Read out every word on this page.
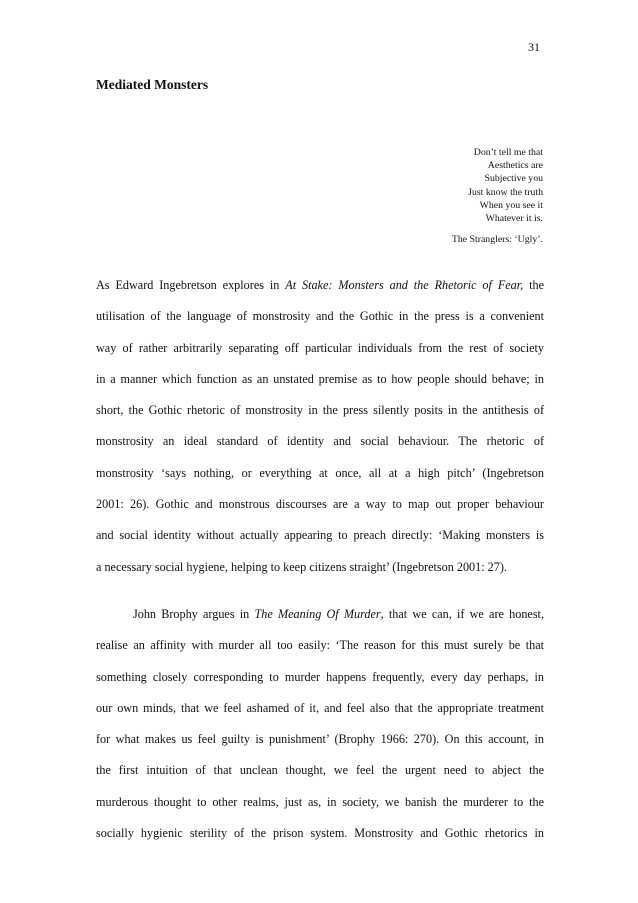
31
Mediated Monsters
Don’t tell me that
Aesthetics are
Subjective you
Just know the truth
When you see it
Whatever it is.
The Stranglers: ‘Ugly’.
As Edward Ingebretson explores in At Stake: Monsters and the Rhetoric of Fear, the
utilisation of the language of monstrosity and the Gothic in the press is a convenient
way of rather arbitrarily separating off particular individuals from the rest of society
in a manner which function as an unstated premise as to how people should behave; in
short, the Gothic rhetoric of monstrosity in the press silently posits in the antithesis of
monstrosity an ideal standard of identity and social behaviour. The rhetoric of
monstrosity ‘says nothing, or everything at once, all at a high pitch’ (Ingebretson
2001: 26). Gothic and monstrous discourses are a way to map out proper behaviour
and social identity without actually appearing to preach directly: ‘Making monsters is
a necessary social hygiene, helping to keep citizens straight’ (Ingebretson 2001: 27).
John Brophy argues in The Meaning Of Murder, that we can, if we are honest,
realise an affinity with murder all too easily: ‘The reason for this must surely be that
something closely corresponding to murder happens frequently, every day perhaps, in
our own minds, that we feel ashamed of it, and feel also that the appropriate treatment
for what makes us feel guilty is punishment’ (Brophy 1966: 270). On this account, in
the first intuition of that unclean thought, we feel the urgent need to abject the
murderous thought to other realms, just as, in society, we banish the murderer to the
socially hygienic sterility of the prison system. Monstrosity and Gothic rhetorics in
